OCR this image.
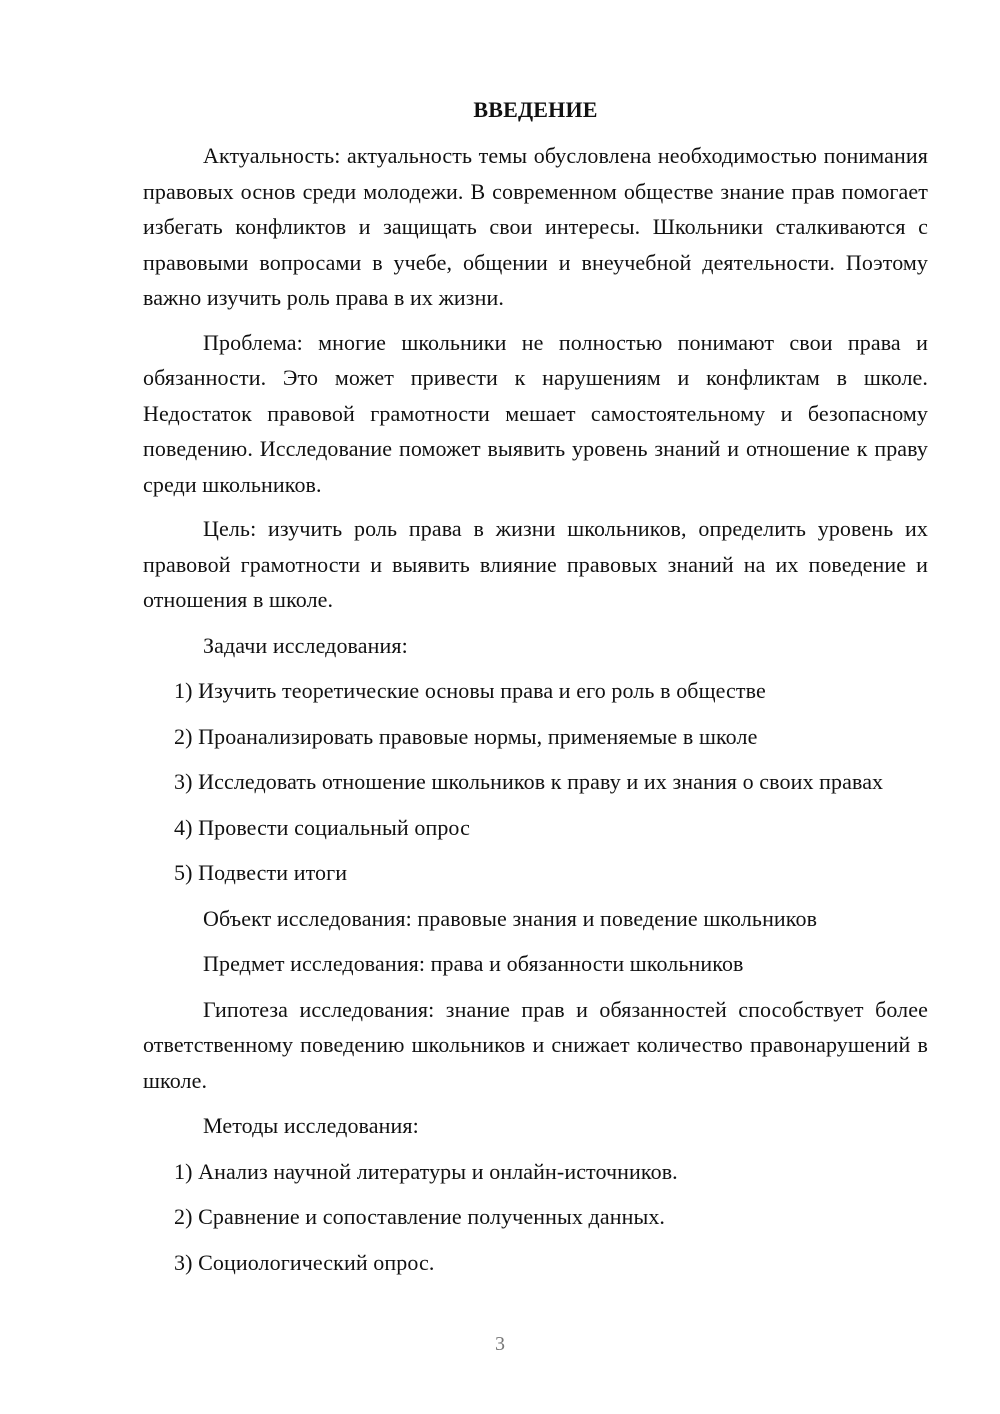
ВВЕДЕНИЕ

Актуальность: актуальность темы обусловлена необходимостью понимания правовых основ среди молодежи. В современном обществе знание прав помогает избегать конфликтов и защищать свои интересы. Школьники сталкиваются с правовыми вопросами в учебе, общении и внеучебной деятельности. Поэтому важно изучить роль права в их жизни.

Проблема: многие школьники не полностью понимают свои права и обязанности. Это может привести к нарушениям и конфликтам в школе. Недостаток правовой грамотности мешает самостоятельному и безопасному поведению. Исследование поможет выявить уровень знаний и отношение к праву среди школьников.

Цель: изучить роль права в жизни школьников, определить уровень их правовой грамотности и выявить влияние правовых знаний на их поведение и отношения в школе.

Задачи исследования:

1) Изучить теоретические основы права и его роль в обществе

2) Проанализировать правовые нормы, применяемые в школе

3) Исследовать отношение школьников к праву и их знания о своих правах

4) Провести социальный опрос

5) Подвести итоги

Объект исследования: правовые знания и поведение школьников

Предмет исследования: права и обязанности школьников

Гипотеза исследования: знание прав и обязанностей способствует более ответственному поведению школьников и снижает количество правонарушений в школе.

Методы исследования:

1) Анализ научной литературы и онлайн-источников.

2) Сравнение и сопоставление полученных данных.

3) Социологический опрос.

3
